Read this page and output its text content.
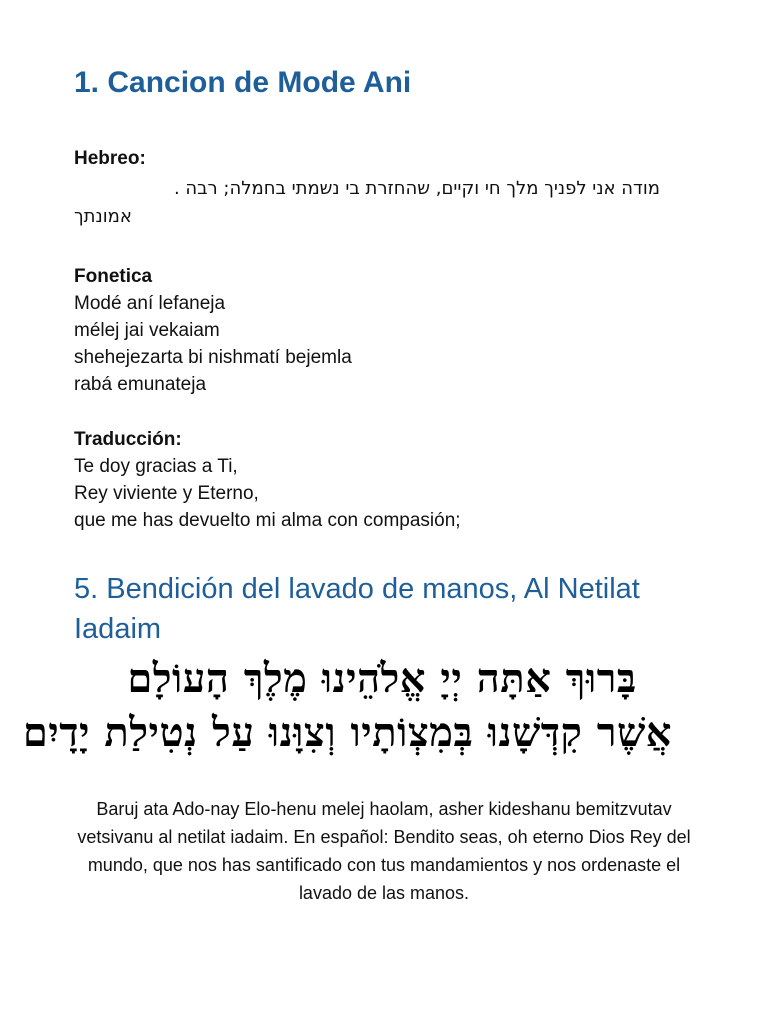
1. Cancion de Mode Ani
Hebreo:
מודה אני לפניך מלך חי וקיים, שהחזרת בי נשמתי בחמלה; רבה .
אמונתך
Fonetica
Modé aní lefaneja
mélej jai vekaiam
shehejezarta bi nishmatí bejemla
rabá emunateja
Traducción:
Te doy gracias a Ti,
Rey viviente y Eterno,
que me has devuelto mi alma con compasión;
5. Bendición del lavado de manos, Al Netilat Iadaim
בָּרוּךְ אַתָּה יְיָ אֱלֹהֵינוּ מֶלֶךְ הָעוֹלָם
אֲשֶׁר קִדְּשָׁנוּ בְּמִצְוֹתָיו וְצִוָּנוּ עַל נְטִילַת יָדָיִם
Baruj ata Ado-nay Elo-henu melej haolam, asher kideshanu bemitzvutav vetsivanu al netilat iadaim. En español: Bendito seas, oh eterno Dios Rey del mundo, que nos has santificado con tus mandamientos y nos ordenaste el lavado de las manos.
